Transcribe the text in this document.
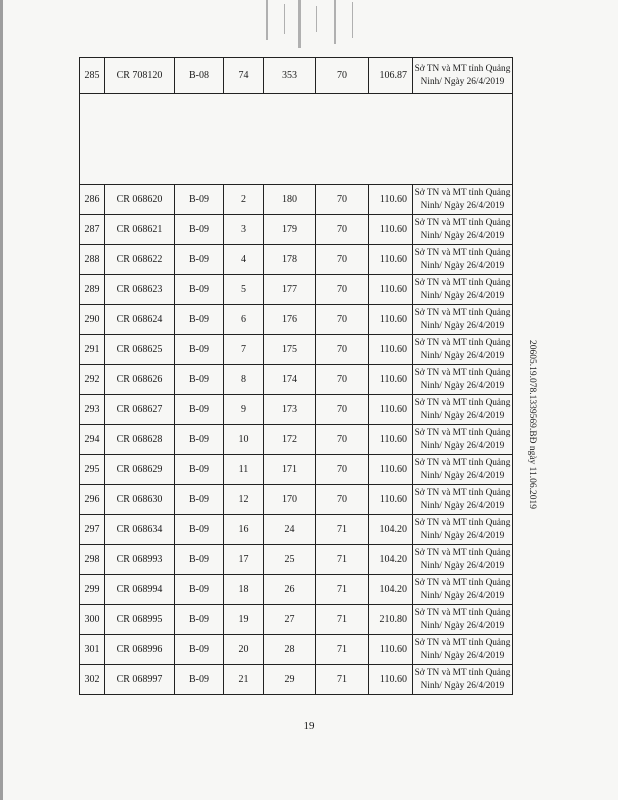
285	CR 708120	B-08	74	353	70	106.87	Sở TN và MT tỉnh Quảng Ninh/ Ngày 26/4/2019

286	CR 068620	B-09	2	180	70	110.60	Sở TN và MT tỉnh Quảng Ninh/ Ngày 26/4/2019
287	CR 068621	B-09	3	179	70	110.60	Sở TN và MT tỉnh Quảng Ninh/ Ngày 26/4/2019
288	CR 068622	B-09	4	178	70	110.60	Sở TN và MT tỉnh Quảng Ninh/ Ngày 26/4/2019
289	CR 068623	B-09	5	177	70	110.60	Sở TN và MT tỉnh Quảng Ninh/ Ngày 26/4/2019
290	CR 068624	B-09	6	176	70	110.60	Sở TN và MT tỉnh Quảng Ninh/ Ngày 26/4/2019
291	CR 068625	B-09	7	175	70	110.60	Sở TN và MT tỉnh Quảng Ninh/ Ngày 26/4/2019
292	CR 068626	B-09	8	174	70	110.60	Sở TN và MT tỉnh Quảng Ninh/ Ngày 26/4/2019
293	CR 068627	B-09	9	173	70	110.60	Sở TN và MT tỉnh Quảng Ninh/ Ngày 26/4/2019
294	CR 068628	B-09	10	172	70	110.60	Sở TN và MT tỉnh Quảng Ninh/ Ngày 26/4/2019
295	CR 068629	B-09	11	171	70	110.60	Sở TN và MT tỉnh Quảng Ninh/ Ngày 26/4/2019
296	CR 068630	B-09	12	170	70	110.60	Sở TN và MT tỉnh Quảng Ninh/ Ngày 26/4/2019
297	CR 068634	B-09	16	24	71	104.20	Sở TN và MT tỉnh Quảng Ninh/ Ngày 26/4/2019
298	CR 068993	B-09	17	25	71	104.20	Sở TN và MT tỉnh Quảng Ninh/ Ngày 26/4/2019
299	CR 068994	B-09	18	26	71	104.20	Sở TN và MT tỉnh Quảng Ninh/ Ngày 26/4/2019
300	CR 068995	B-09	19	27	71	210.80	Sở TN và MT tỉnh Quảng Ninh/ Ngày 26/4/2019
301	CR 068996	B-09	20	28	71	110.60	Sở TN và MT tỉnh Quảng Ninh/ Ngày 26/4/2019
302	CR 068997	B-09	21	29	71	110.60	Sở TN và MT tỉnh Quảng Ninh/ Ngày 26/4/2019
20605.19.078.1339569.BĐ ngày 11.06.2019
19
